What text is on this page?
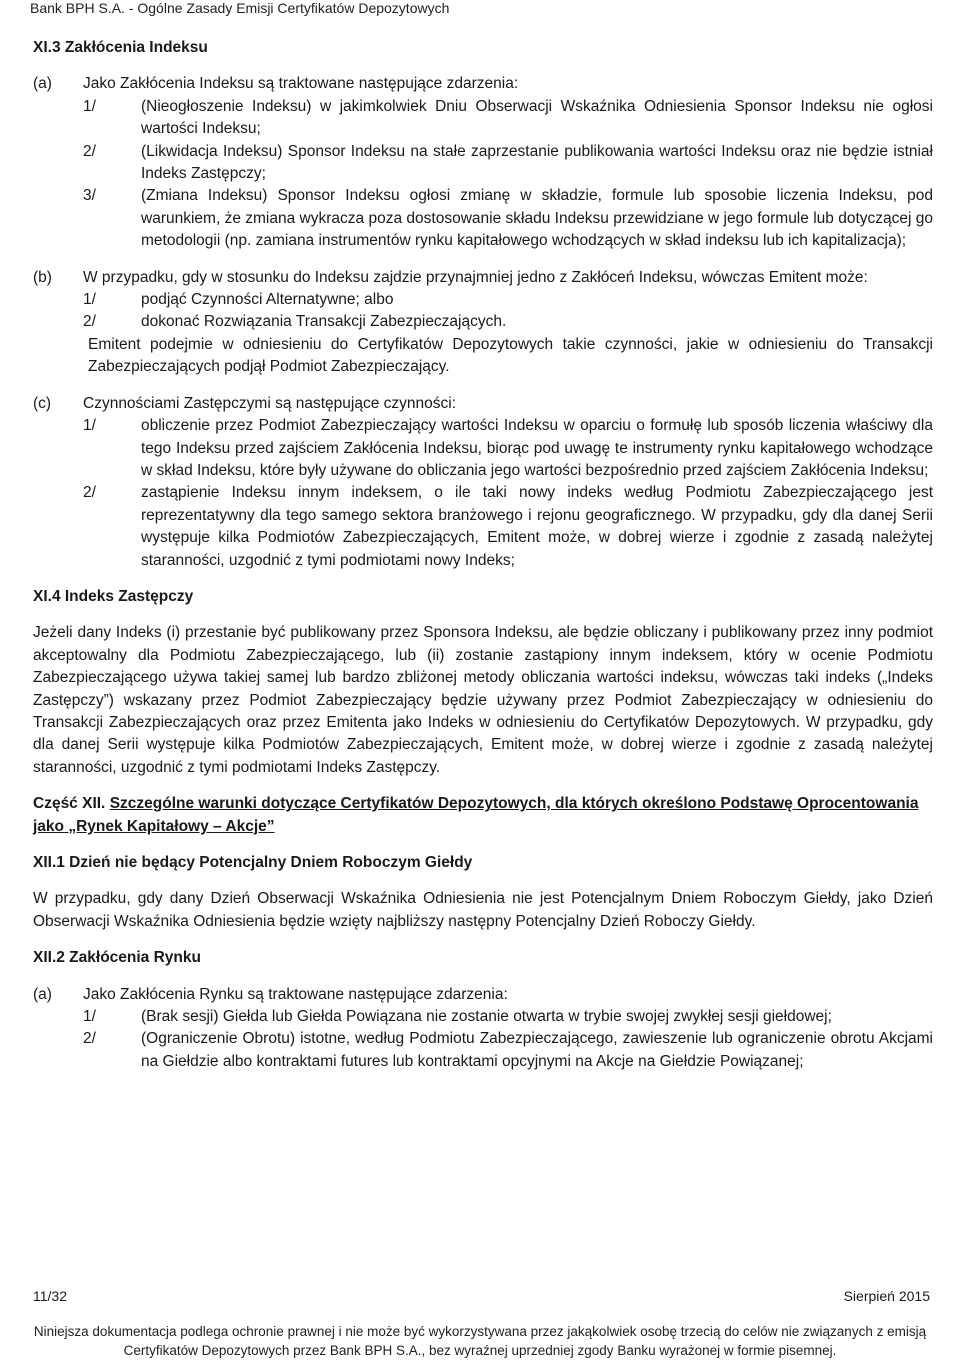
Bank BPH S.A. - Ogólne Zasady Emisji Certyfikatów Depozytowych
XI.3 Zakłócenia Indeksu
(a) Jako Zakłócenia Indeksu są traktowane następujące zdarzenia:

1/	(Nieogłoszenie Indeksu) w jakimkolwiek Dniu Obserwacji Wskaźnika Odniesienia Sponsor Indeksu nie ogłosi wartości Indeksu;
2/	(Likwidacja Indeksu) Sponsor Indeksu na stałe zaprzestanie publikowania wartości Indeksu oraz nie będzie istniał Indeks Zastępczy;
3/	(Zmiana Indeksu) Sponsor Indeksu ogłosi zmianę w składzie, formule lub sposobie liczenia Indeksu, pod warunkiem, że zmiana wykracza poza dostosowanie składu Indeksu przewidziane w jego formule lub dotyczącej go metodologii (np. zamiana instrumentów rynku kapitałowego wchodzących w skład indeksu lub ich kapitalizacja);
(b) W przypadku, gdy w stosunku do Indeksu zajdzie przynajmniej jedno z Zakłóceń Indeksu, wówczas Emitent może:

1/	podjąć Czynności Alternatywne; albo
2/	dokonać Rozwiązania Transakcji Zabezpieczających.

Emitent podejmie w odniesieniu do Certyfikatów Depozytowych takie czynności, jakie w odniesieniu do Transakcji Zabezpieczających podjął Podmiot Zabezpieczający.

(c) Czynnościami Zastępczymi są następujące czynności:

1/	obliczenie przez Podmiot Zabezpieczający wartości Indeksu w oparciu o formułę lub sposób liczenia właściwy dla tego Indeksu przed zajściem Zakłócenia Indeksu, biorąc pod uwagę te instrumenty rynku kapitałowego wchodzące w skład Indeksu, które były używane do obliczania jego wartości bezpośrednio przed zajściem Zakłócenia Indeksu;
2/	zastąpienie Indeksu innym indeksem, o ile taki nowy indeks według Podmiotu Zabezpieczającego jest reprezentatywny dla tego samego sektora branżowego i rejonu geograficznego. W przypadku, gdy dla danej Serii występuje kilka Podmiotów Zabezpieczających, Emitent może, w dobrej wierze i zgodnie z zasadą należytej staranności, uzgodnić z tymi podmiotami nowy Indeks;
XI.4 Indeks Zastępczy

Jeżeli dany Indeks (i) przestanie być publikowany przez Sponsora Indeksu, ale będzie obliczany i publikowany przez inny podmiot akceptowalny dla Podmiotu Zabezpieczającego, lub (ii) zostanie zastąpiony innym indeksem, który w ocenie Podmiotu Zabezpieczającego używa takiej samej lub bardzo zbliżonej metody obliczania wartości indeksu, wówczas taki indeks („Indeks Zastępczy”) wskazany przez Podmiot Zabezpieczający będzie używany przez Podmiot Zabezpieczający w odniesieniu do Transakcji Zabezpieczających oraz przez Emitenta jako Indeks w odniesieniu do Certyfikatów Depozytowych. W przypadku, gdy dla danej Serii występuje kilka Podmiotów Zabezpieczających, Emitent może, w dobrej wierze i zgodnie z zasadą należytej staranności, uzgodnić z tymi podmiotami Indeks Zastępczy.

Część XII. Szczególne warunki dotyczące Certyfikatów Depozytowych, dla których określono Podstawę Oprocentowania jako „Rynek Kapitałowy – Akcje”
XII.1 Dzień nie będący Potencjalny Dniem Roboczym Giełdy

W przypadku, gdy dany Dzień Obserwacji Wskaźnika Odniesienia nie jest Potencjalnym Dniem Roboczym Giełdy, jako Dzień Obserwacji Wskaźnika Odniesienia będzie wzięty najbliższy następny Potencjalny Dzień Roboczy Giełdy.

XII.2 Zakłócenia Rynku
(a) Jako Zakłócenia Rynku są traktowane następujące zdarzenia:

1/	(Brak sesji) Giełda lub Giełda Powiązana nie zostanie otwarta w trybie swojej zwykłej sesji giełdowej;
2/	(Ograniczenie Obrotu) istotne, według Podmiotu Zabezpieczającego, zawieszenie lub ograniczenie obrotu Akcjami na Giełdzie albo kontraktami futures lub kontraktami opcyjnymi na Akcje na Giełdzie Powiązanej;
11/32	Sierpień 2015
Niniejsza dokumentacja podlega ochronie prawnej i nie może być wykorzystywana przez jakąkolwiek osobę trzecią do celów nie związanych z emisją
Certyfikatów Depozytowych przez Bank BPH S.A., bez wyraźnej uprzedniej zgody Banku wyrażonej w formie pisemnej.
